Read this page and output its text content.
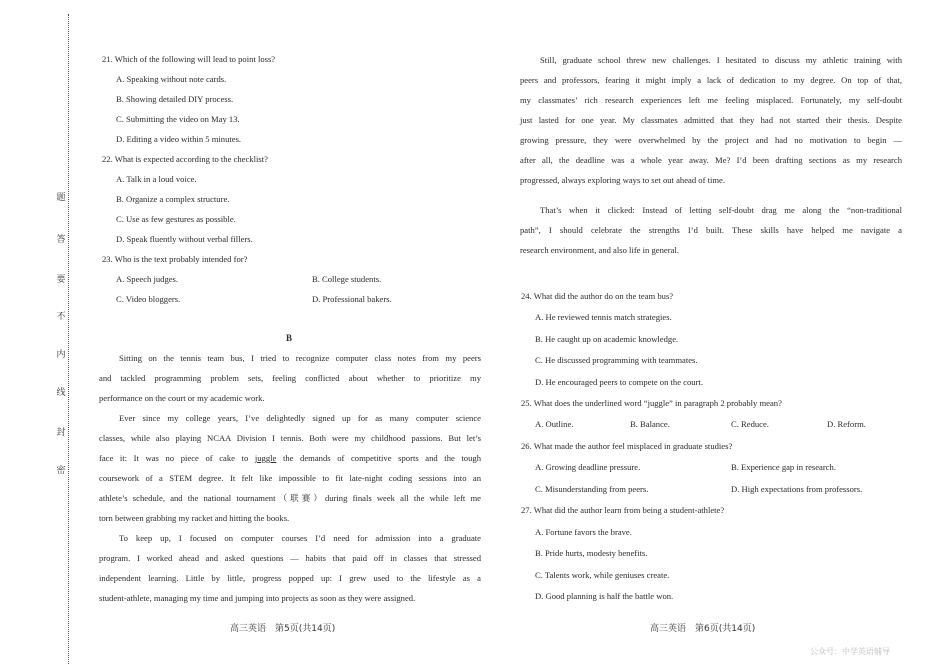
题
答
要
不
内
线
封
密
21. Which of the following will lead to point loss?
A. Speaking without note cards.
B. Showing detailed DIY process.
C. Submitting the video on May 13.
D. Editing a video within 5 minutes.
22. What is expected according to the checklist?
A. Talk in a loud voice.
B. Organize a complex structure.
C. Use as few gestures as possible.
D. Speak fluently without verbal fillers.
23. Who is the text probably intended for?
A. Speech judges.	B. College students.
C. Video bloggers.	D. Professional bakers.
B
Sitting on the tennis team bus, I tried to recognize computer class notes from my peers
and tackled programming problem sets, feeling conflicted about whether to prioritize my
performance on the court or my academic work.
Ever since my college years, I’ve delightedly signed up for as many computer science
classes, while also playing NCAA Division I tennis. Both were my childhood passions. But let’s
face it: It was no piece of cake to juggle the demands of competitive sports and the tough
coursework of a STEM degree. It felt like impossible to fit late-night coding sessions into an
athlete’s schedule, and the national tournament（联赛）during finals week all the while left me
torn between grabbing my racket and hitting the books.
To keep up, I focused on computer courses I’d need for admission into a graduate
program. I worked ahead and asked questions — habits that paid off in classes that stressed
independent learning. Little by little, progress popped up: I grew used to the lifestyle as a
student-athlete, managing my time and jumping into projects as soon as they were assigned.
高三英语　第5页(共14页)
Still, graduate school threw new challenges. I hesitated to discuss my athletic training with
peers and professors, fearing it might imply a lack of dedication to my degree. On top of that,
my classmates’ rich research experiences left me feeling misplaced. Fortunately, my self-doubt
just lasted for one year. My classmates admitted that they had not started their thesis. Despite
growing pressure, they were overwhelmed by the project and had no motivation to begin —
after all, the deadline was a whole year away. Me? I’d been drafting sections as my research
progressed, always exploring ways to set out ahead of time.
That’s when it clicked: Instead of letting self-doubt drag me along the “non-traditional
path”, I should celebrate the strengths I’d built. These skills have helped me navigate a
research environment, and also life in general.
24. What did the author do on the team bus?
A. He reviewed tennis match strategies.
B. He caught up on academic knowledge.
C. He discussed programming with teammates.
D. He encouraged peers to compete on the court.
25. What does the underlined word “juggle” in paragraph 2 probably mean?
A. Outline.	B. Balance.	C. Reduce.	D. Reform.
26. What made the author feel misplaced in graduate studies?
A. Growing deadline pressure.	B. Experience gap in research.
C. Misunderstanding from peers.	D. High expectations from professors.
27. What did the author learn from being a student-athlete?
A. Fortune favors the brave.
B. Pride hurts, modesty benefits.
C. Talents work, while geniuses create.
D. Good planning is half the battle won.
高三英语　第6页(共14页)
公众号：中学英语辅导
